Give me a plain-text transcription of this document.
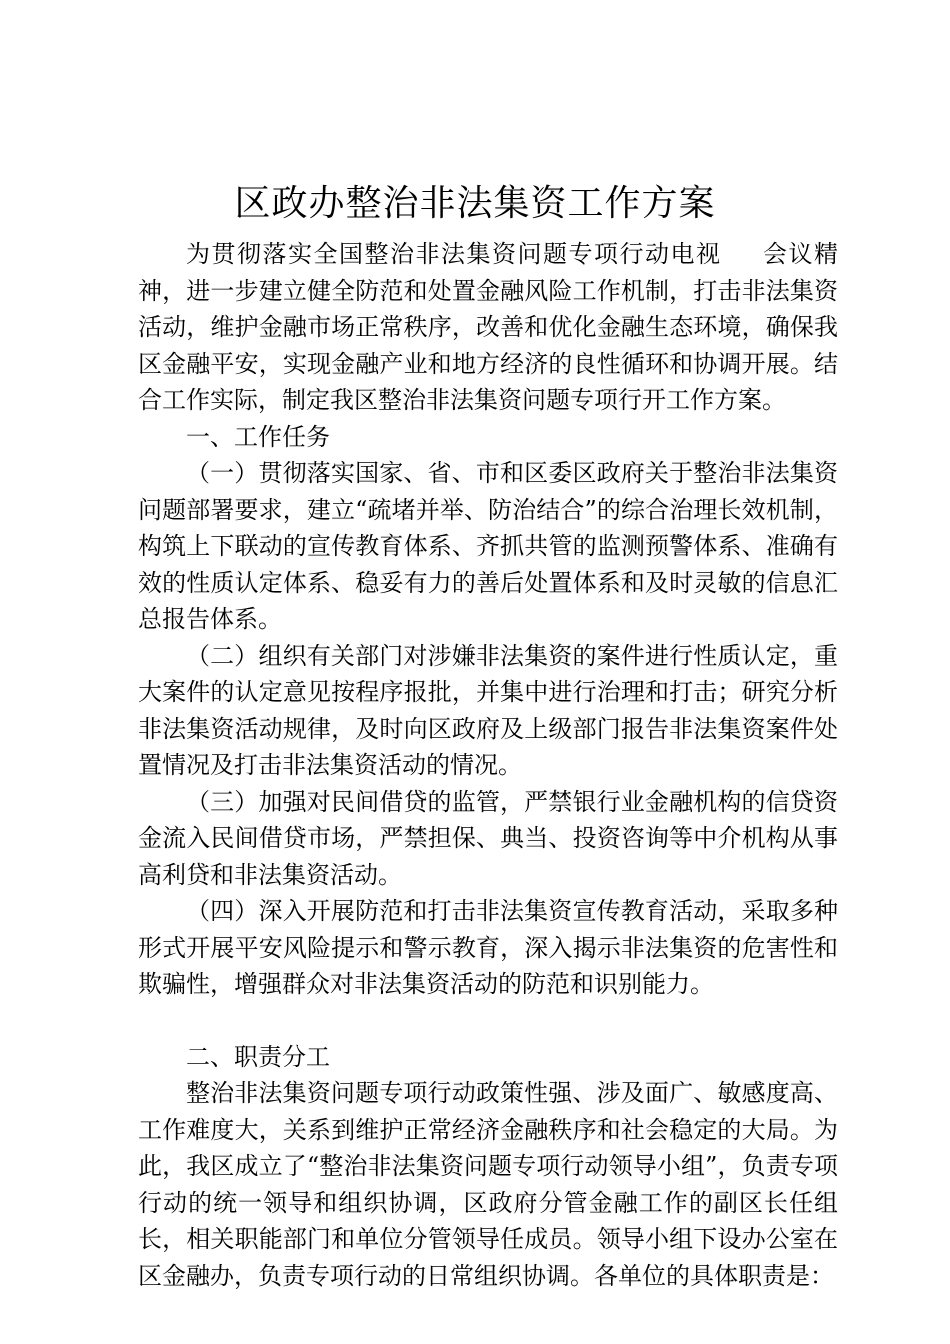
区政办整治非法集资工作方案

为贯彻落实全国整治非法集资问题专项行动电视 会议精神，进一步建立健全防范和处置金融风险工作机制，打击非法集资活动，维护金融市场正常秩序，改善和优化金融生态环境，确保我区金融平安，实现金融产业和地方经济的良性循环和协调开展。结合工作实际，制定我区整治非法集资问题专项行开工作方案。

一、工作任务

（一）贯彻落实国家、省、市和区委区政府关于整治非法集资问题部署要求，建立“疏堵并举、防治结合”的综合治理长效机制，构筑上下联动的宣传教育体系、齐抓共管的监测预警体系、准确有效的性质认定体系、稳妥有力的善后处置体系和及时灵敏的信息汇总报告体系。

（二）组织有关部门对涉嫌非法集资的案件进行性质认定，重大案件的认定意见按程序报批，并集中进行治理和打击；研究分析非法集资活动规律，及时向区政府及上级部门报告非法集资案件处置情况及打击非法集资活动的情况。

（三）加强对民间借贷的监管，严禁银行业金融机构的信贷资金流入民间借贷市场，严禁担保、典当、投资咨询等中介机构从事高利贷和非法集资活动。

（四）深入开展防范和打击非法集资宣传教育活动，采取多种形式开展平安风险提示和警示教育，深入揭示非法集资的危害性和欺骗性，增强群众对非法集资活动的防范和识别能力。

二、职责分工

整治非法集资问题专项行动政策性强、涉及面广、敏感度高、工作难度大，关系到维护正常经济金融秩序和社会稳定的大局。为此，我区成立了“整治非法集资问题专项行动领导小组”，负责专项行动的统一领导和组织协调，区政府分管金融工作的副区长任组长，相关职能部门和单位分管领导任成员。领导小组下设办公室在区金融办，负责专项行动的日常组织协调。各单位的具体职责是：
